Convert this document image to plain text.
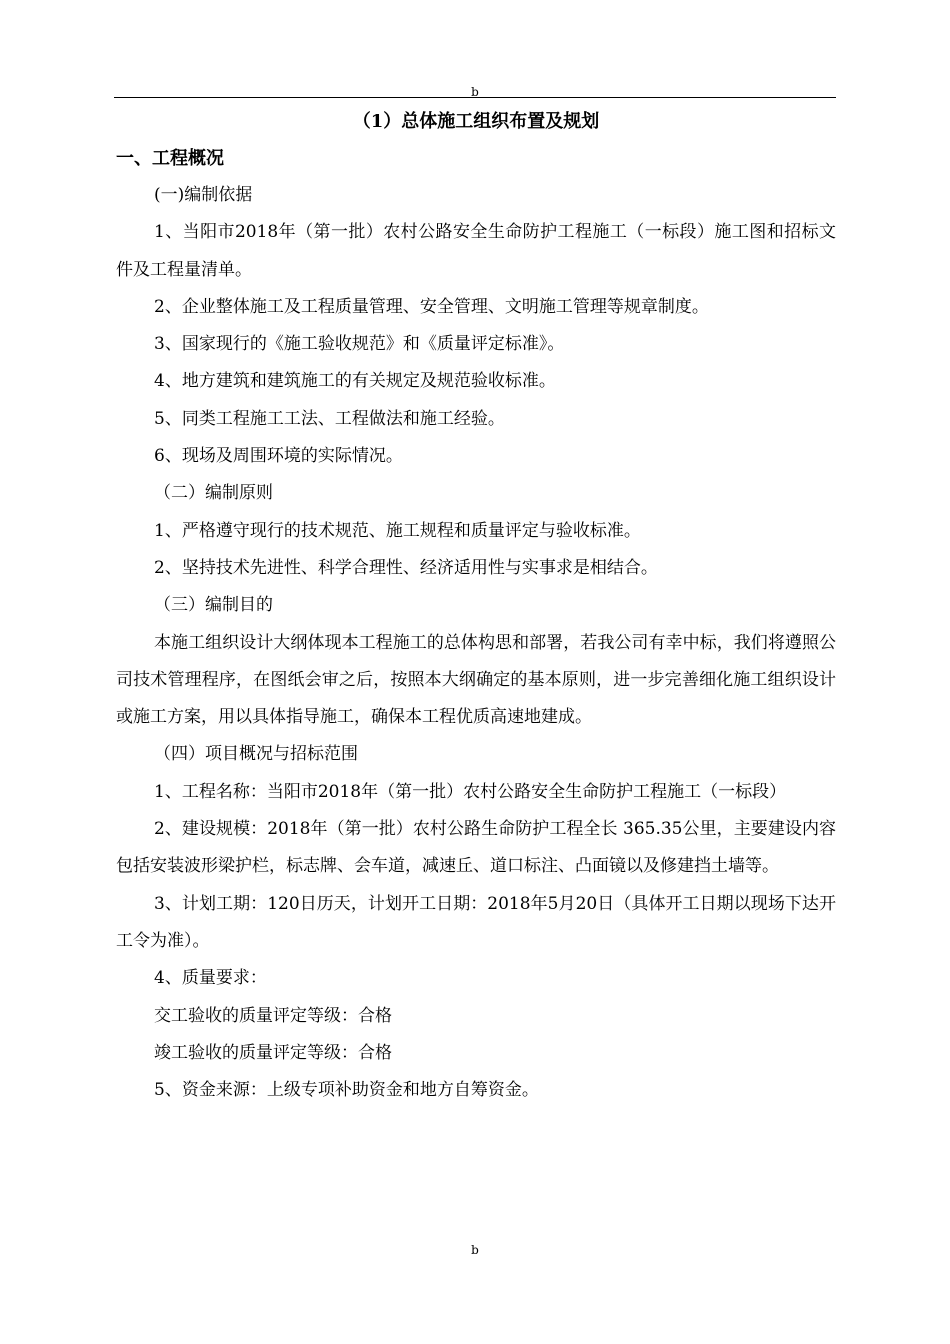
b
（1）总体施工组织布置及规划
一、工程概况
(一)编制依据
1、当阳市2018年（第一批）农村公路安全生命防护工程施工（一标段）施工图和招标文件及工程量清单。
2、企业整体施工及工程质量管理、安全管理、文明施工管理等规章制度。
3、国家现行的《施工验收规范》和《质量评定标准》。
4、地方建筑和建筑施工的有关规定及规范验收标准。
5、同类工程施工工法、工程做法和施工经验。
6、现场及周围环境的实际情况。
（二）编制原则
1、严格遵守现行的技术规范、施工规程和质量评定与验收标准。
2、坚持技术先进性、科学合理性、经济适用性与实事求是相结合。
（三）编制目的
本施工组织设计大纲体现本工程施工的总体构思和部署，若我公司有幸中标，我们将遵照公司技术管理程序，在图纸会审之后，按照本大纲确定的基本原则，进一步完善细化施工组织设计或施工方案，用以具体指导施工，确保本工程优质高速地建成。
（四）项目概况与招标范围
1、工程名称：当阳市2018年（第一批）农村公路安全生命防护工程施工（一标段）
2、建设规模：2018年（第一批）农村公路生命防护工程全长 365.35公里，主要建设内容包括安装波形梁护栏，标志牌、会车道，减速丘、道口标注、凸面镜以及修建挡土墙等。
3、计划工期：120日历天，计划开工日期：2018年5月20日（具体开工日期以现场下达开工令为准）。
4、质量要求：
交工验收的质量评定等级：合格
竣工验收的质量评定等级：合格
5、资金来源：上级专项补助资金和地方自筹资金。
b
